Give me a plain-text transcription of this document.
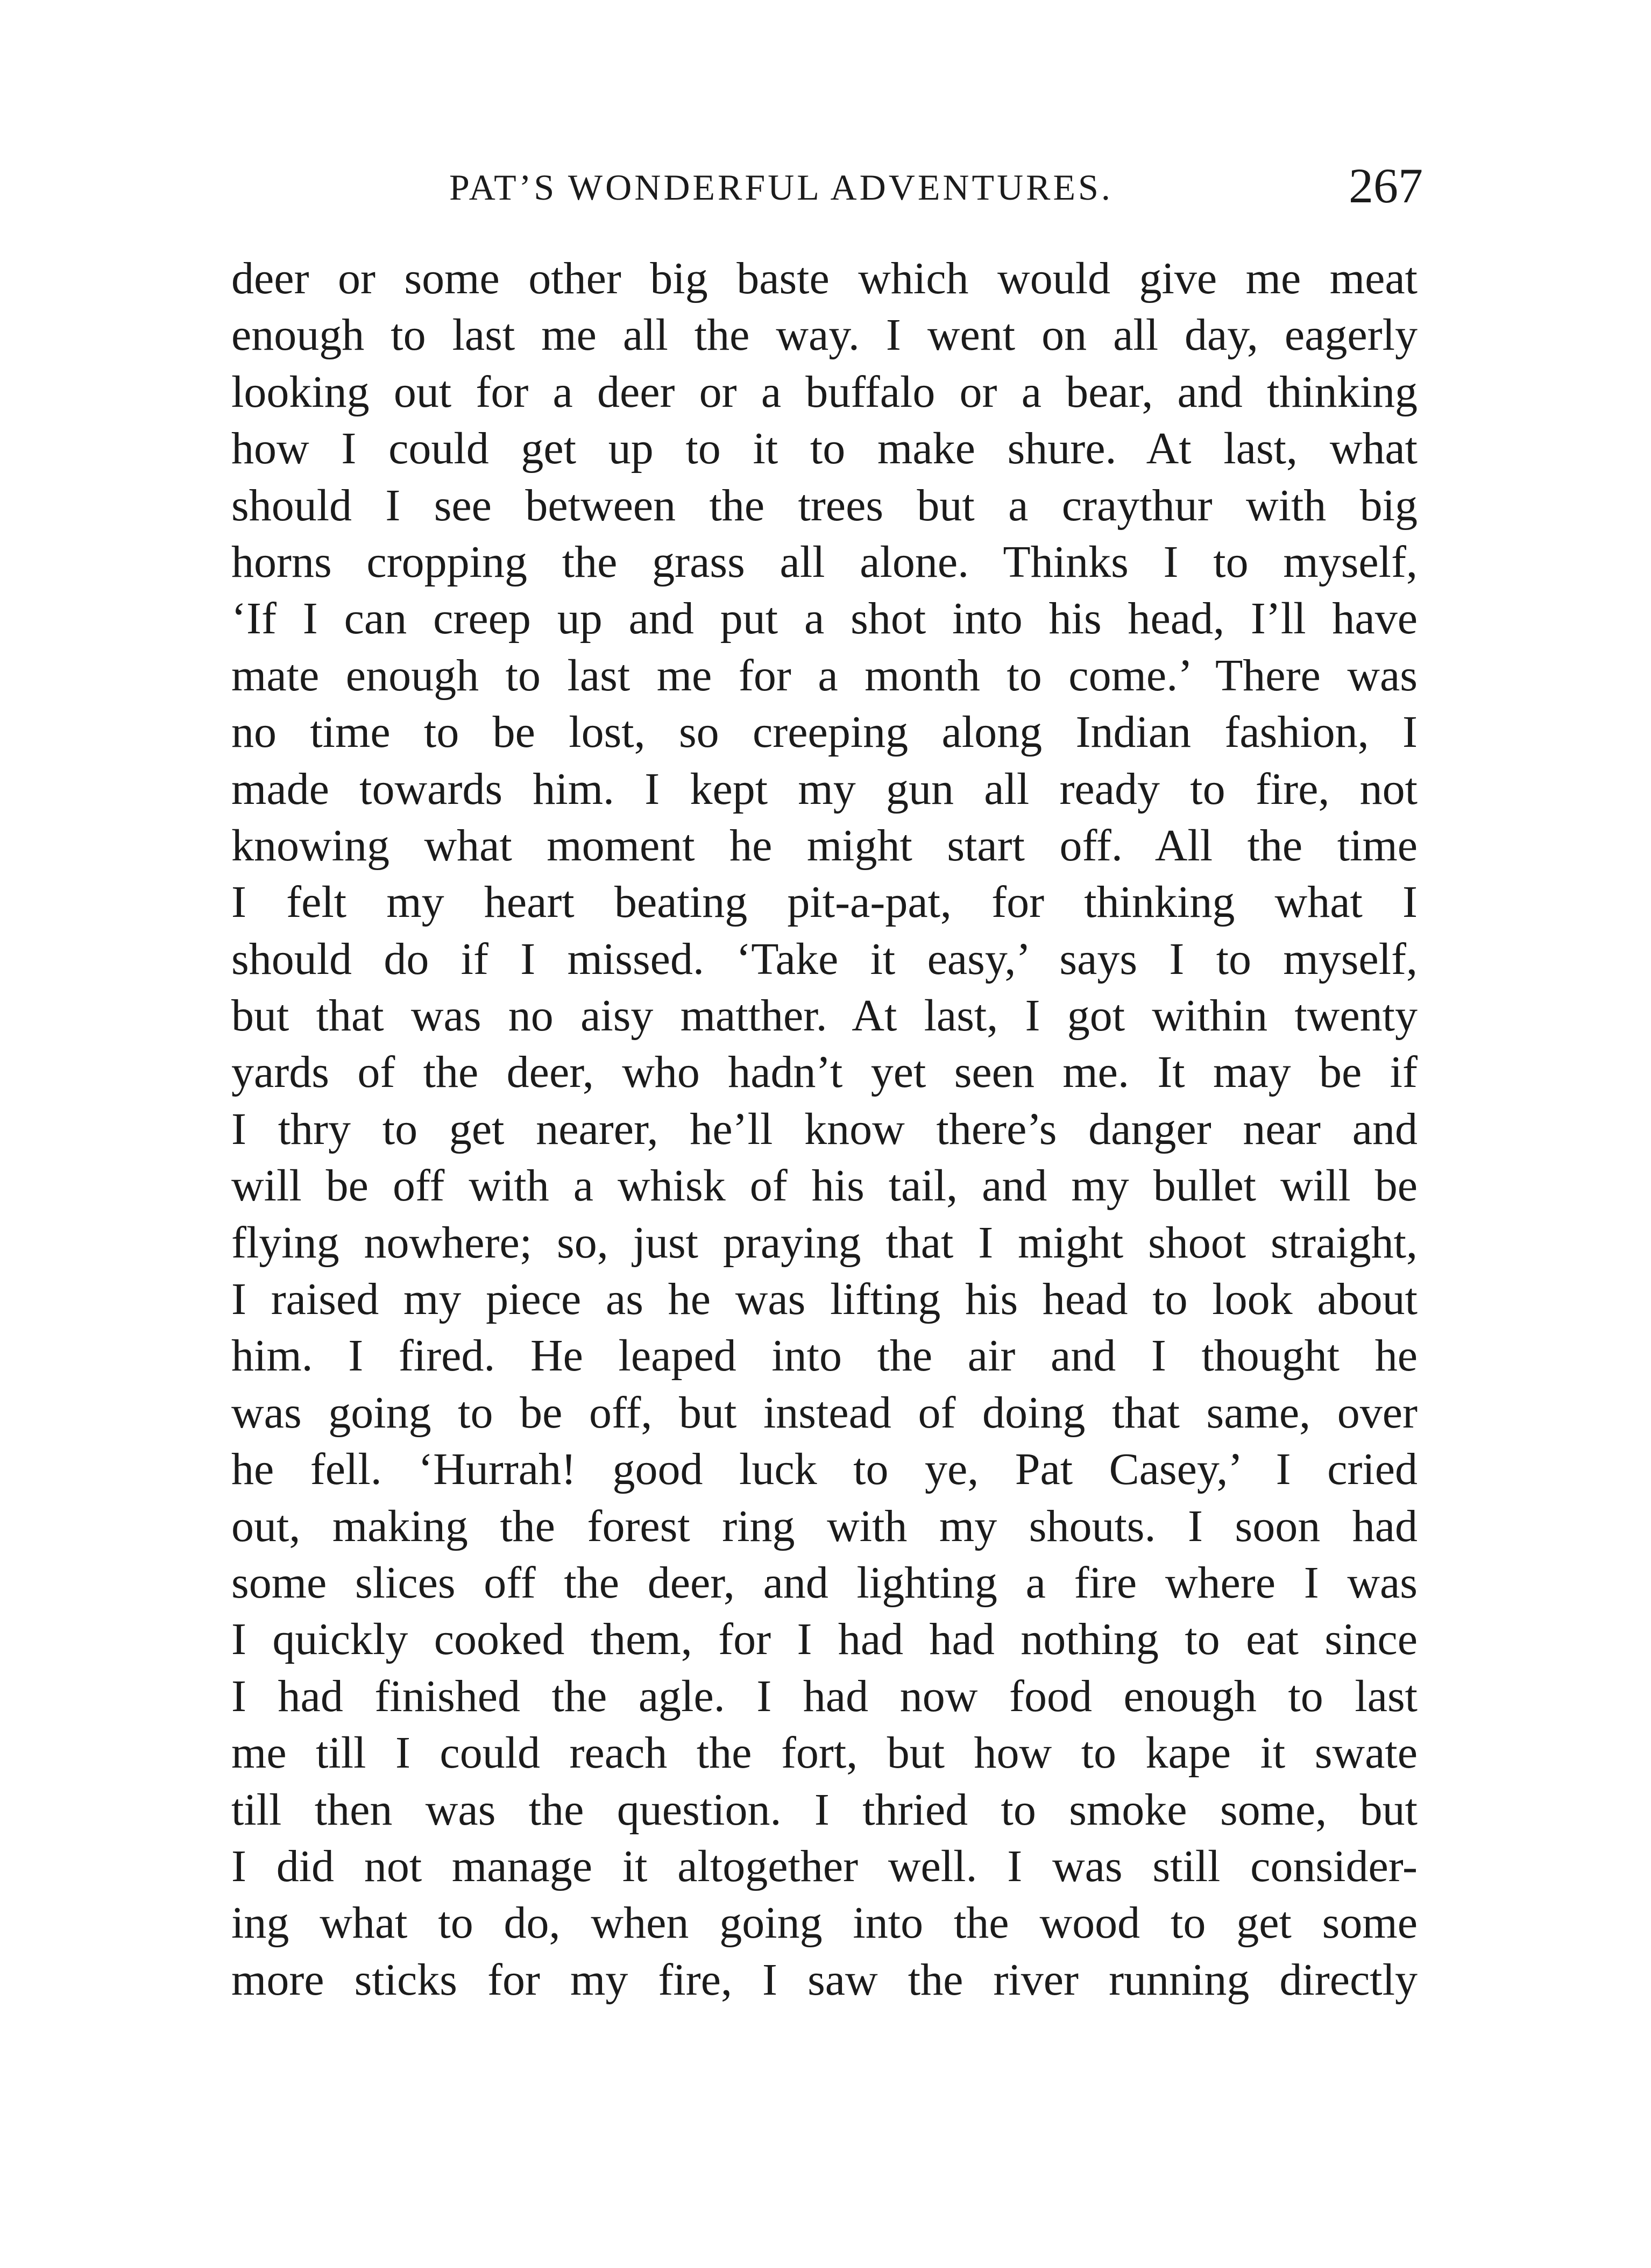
PAT’S WONDERFUL ADVENTURES.	267
deer or some other big baste which would give me meat
enough to last me all the way. I went on all day, eagerly
looking out for a deer or a buffalo or a bear, and thinking
how I could get up to it to make shure. At last, what
should I see between the trees but a craythur with big
horns cropping the grass all alone. Thinks I to myself,
‘If I can creep up and put a shot into his head, I’ll have
mate enough to last me for a month to come.’ There was
no time to be lost, so creeping along Indian fashion, I
made towards him. I kept my gun all ready to fire, not
knowing what moment he might start off. All the time
I felt my heart beating pit-a-pat, for thinking what I
should do if I missed. ‘Take it easy,’ says I to myself,
but that was no aisy matther. At last, I got within twenty
yards of the deer, who hadn’t yet seen me. It may be if
I thry to get nearer, he’ll know there’s danger near and
will be off with a whisk of his tail, and my bullet will be
flying nowhere; so, just praying that I might shoot straight,
I raised my piece as he was lifting his head to look about
him. I fired. He leaped into the air and I thought he
was going to be off, but instead of doing that same, over
he fell. ‘Hurrah! good luck to ye, Pat Casey,’ I cried
out, making the forest ring with my shouts. I soon had
some slices off the deer, and lighting a fire where I was
I quickly cooked them, for I had had nothing to eat since
I had finished the agle. I had now food enough to last
me till I could reach the fort, but how to kape it swate
till then was the question. I thried to smoke some, but
I did not manage it altogether well. I was still consider-
ing what to do, when going into the wood to get some
more sticks for my fire, I saw the river running directly
